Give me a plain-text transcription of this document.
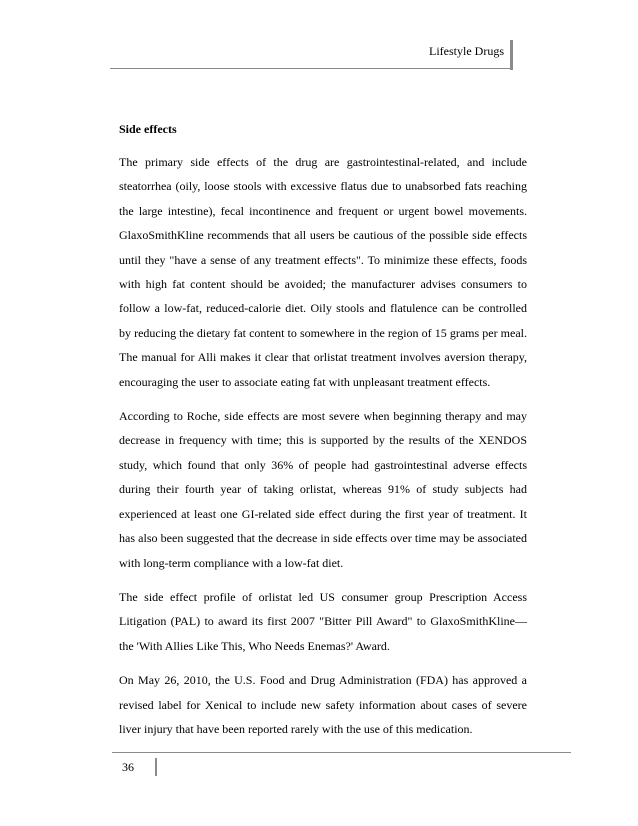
Lifestyle Drugs
Side effects

The primary side effects of the drug are gastrointestinal-related, and include steatorrhea (oily, loose stools with excessive flatus due to unabsorbed fats reaching the large intestine), fecal incontinence and frequent or urgent bowel movements. GlaxoSmithKline recommends that all users be cautious of the possible side effects until they "have a sense of any treatment effects". To minimize these effects, foods with high fat content should be avoided; the manufacturer advises consumers to follow a low-fat, reduced-calorie diet. Oily stools and flatulence can be controlled by reducing the dietary fat content to somewhere in the region of 15 grams per meal. The manual for Alli makes it clear that orlistat treatment involves aversion therapy, encouraging the user to associate eating fat with unpleasant treatment effects.

According to Roche, side effects are most severe when beginning therapy and may decrease in frequency with time; this is supported by the results of the XENDOS study, which found that only 36% of people had gastrointestinal adverse effects during their fourth year of taking orlistat, whereas 91% of study subjects had experienced at least one GI-related side effect during the first year of treatment. It has also been suggested that the decrease in side effects over time may be associated with long-term compliance with a low-fat diet.

The side effect profile of orlistat led US consumer group Prescription Access Litigation (PAL) to award its first 2007 "Bitter Pill Award" to GlaxoSmithKline—the 'With Allies Like This, Who Needs Enemas?' Award.

On May 26, 2010, the U.S. Food and Drug Administration (FDA) has approved a revised label for Xenical to include new safety information about cases of severe liver injury that have been reported rarely with the use of this medication.

36
